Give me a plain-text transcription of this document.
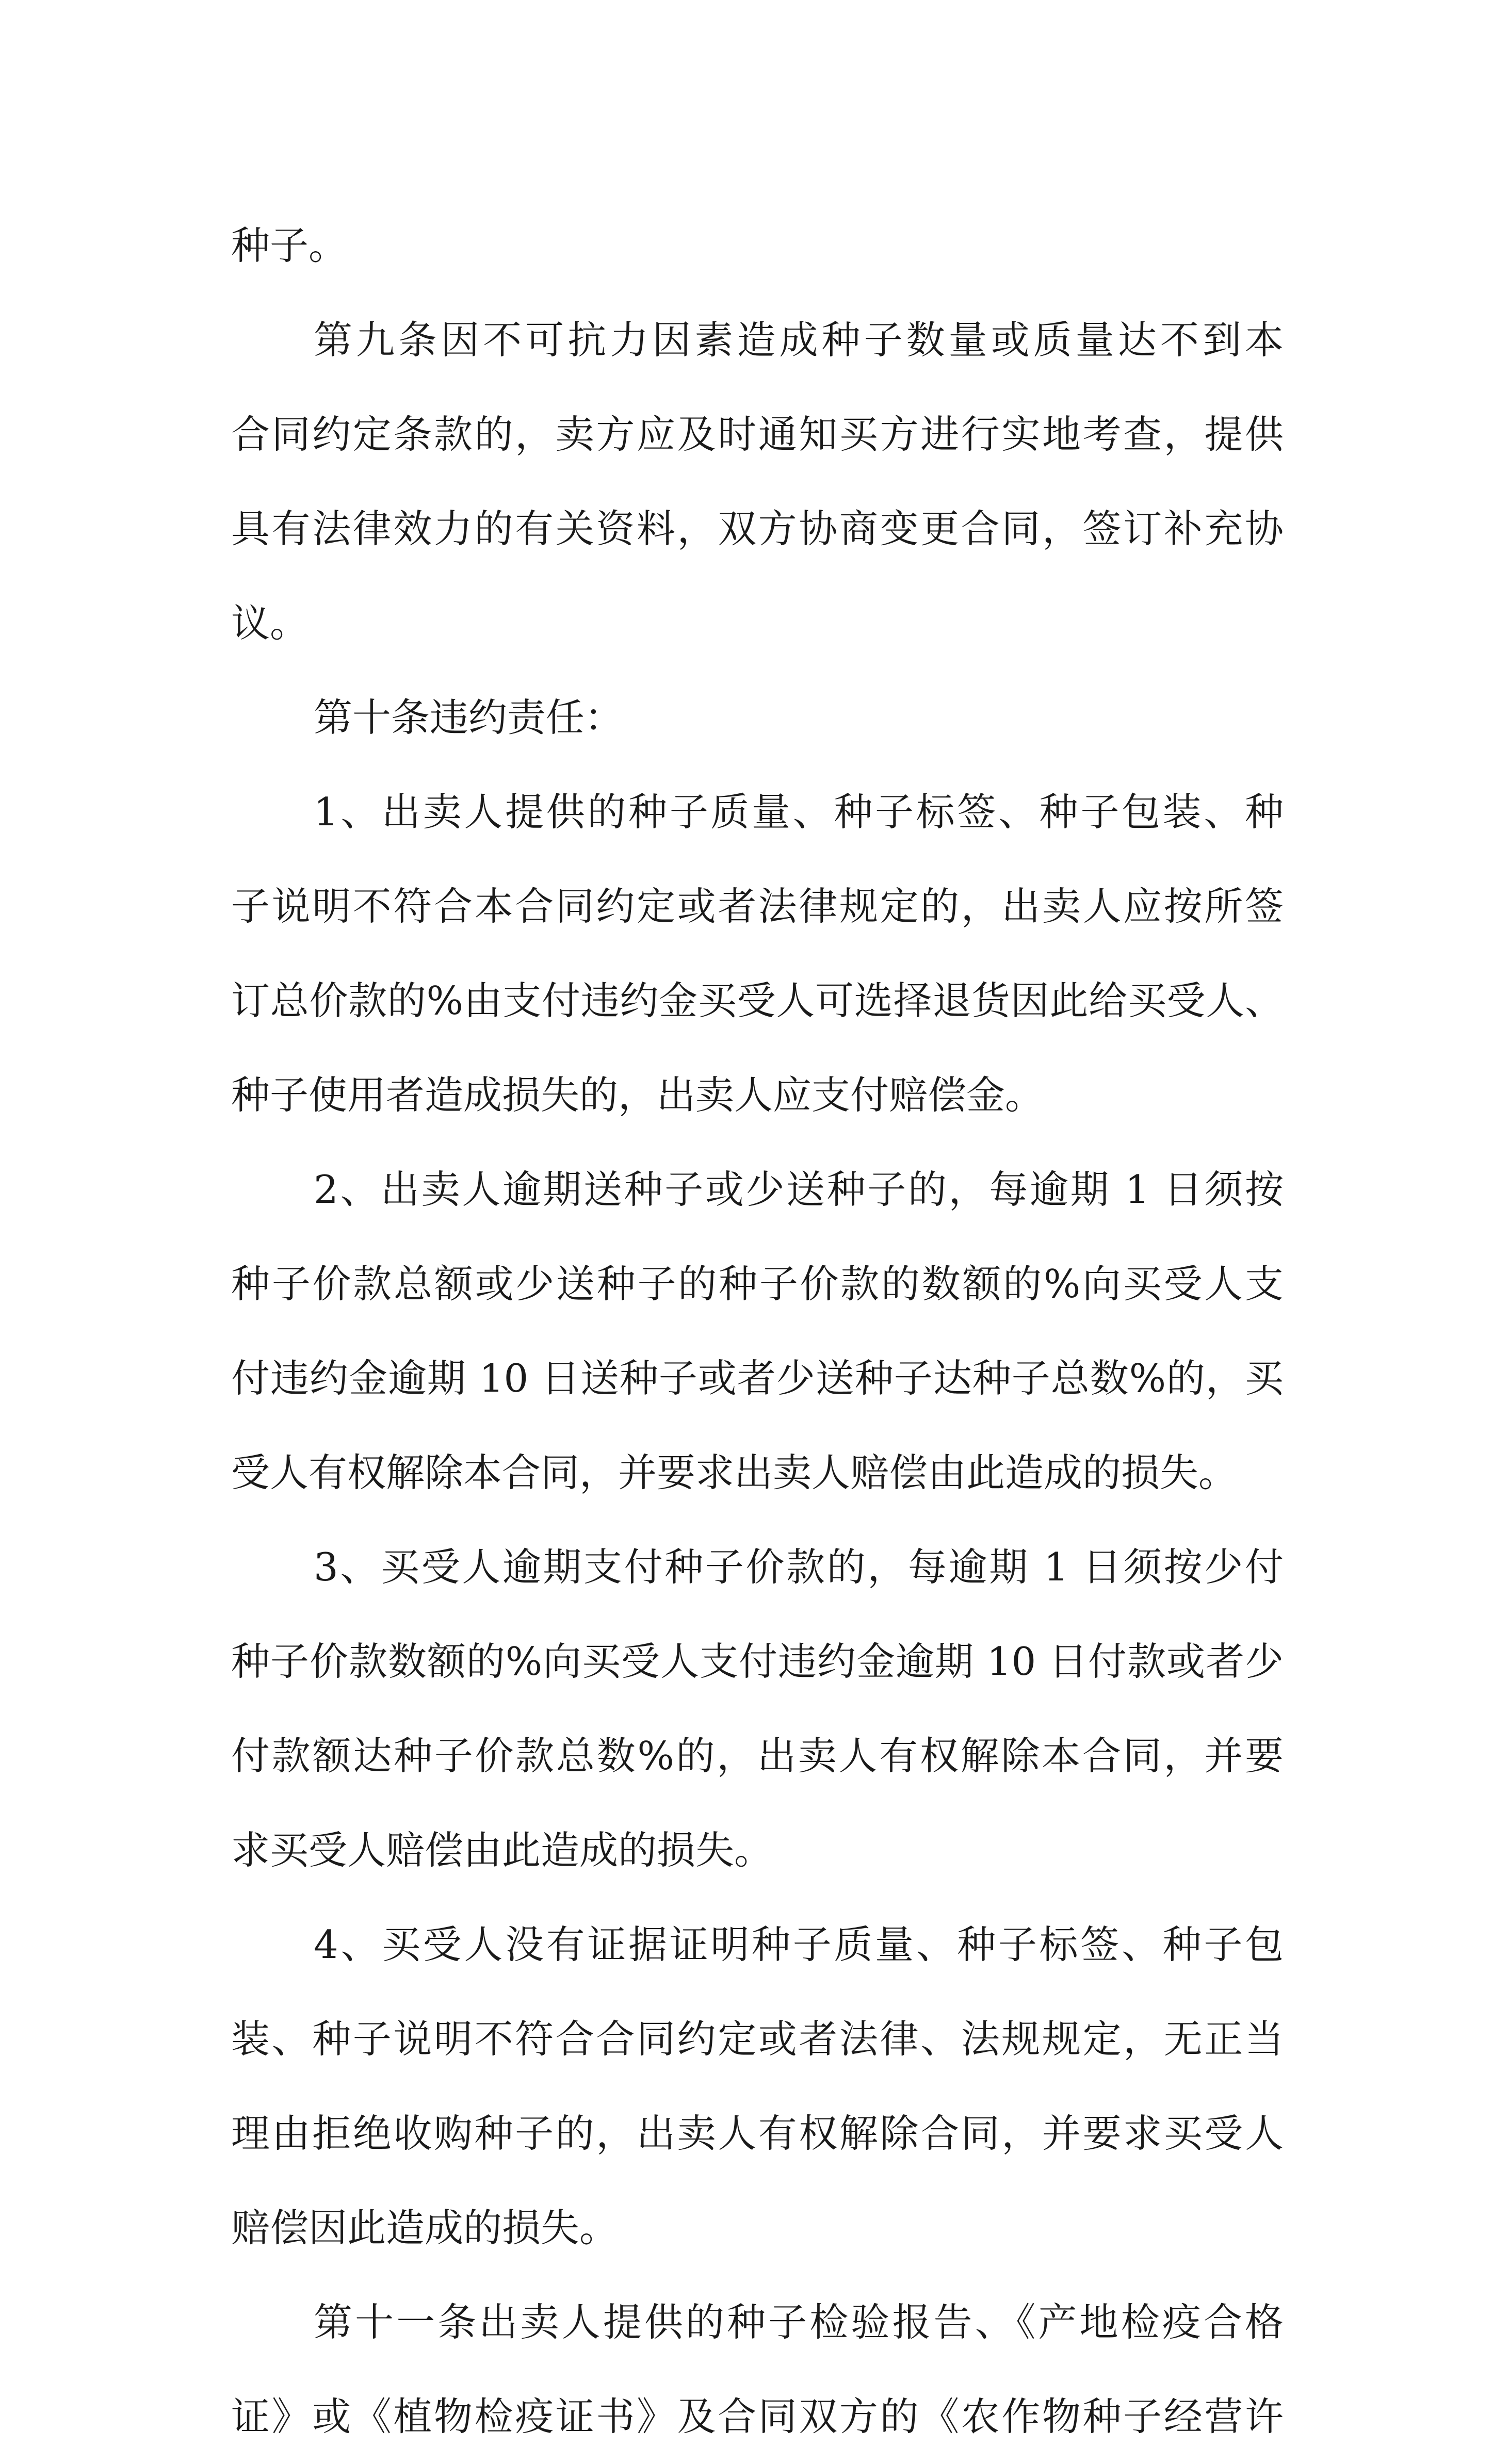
种子。
第九条因不可抗力因素造成种子数量或质量达不到本
合同约定条款的，卖方应及时通知买方进行实地考查，提供
具有法律效力的有关资料，双方协商变更合同，签订补充协
议。
第十条违约责任：
1、出卖人提供的种子质量、种子标签、种子包装、种
子说明不符合本合同约定或者法律规定的，出卖人应按所签
订总价款的%由支付违约金买受人可选择退货因此给买受人、
种子使用者造成损失的，出卖人应支付赔偿金。
2、出卖人逾期送种子或少送种子的，每逾期 1 日须按
种子价款总额或少送种子的种子价款的数额的%向买受人支
付违约金逾期 10 日送种子或者少送种子达种子总数%的，买
受人有权解除本合同，并要求出卖人赔偿由此造成的损失。
3、买受人逾期支付种子价款的，每逾期 1 日须按少付
种子价款数额的%向买受人支付违约金逾期 10 日付款或者少
付款额达种子价款总数%的，出卖人有权解除本合同，并要
求买受人赔偿由此造成的损失。
4、买受人没有证据证明种子质量、种子标签、种子包
装、种子说明不符合合同约定或者法律、法规规定，无正当
理由拒绝收购种子的，出卖人有权解除合同，并要求买受人
赔偿因此造成的损失。
第十一条出卖人提供的种子检验报告、《产地检疫合格
证》或《植物检疫证书》及合同双方的《农作物种子经营许
